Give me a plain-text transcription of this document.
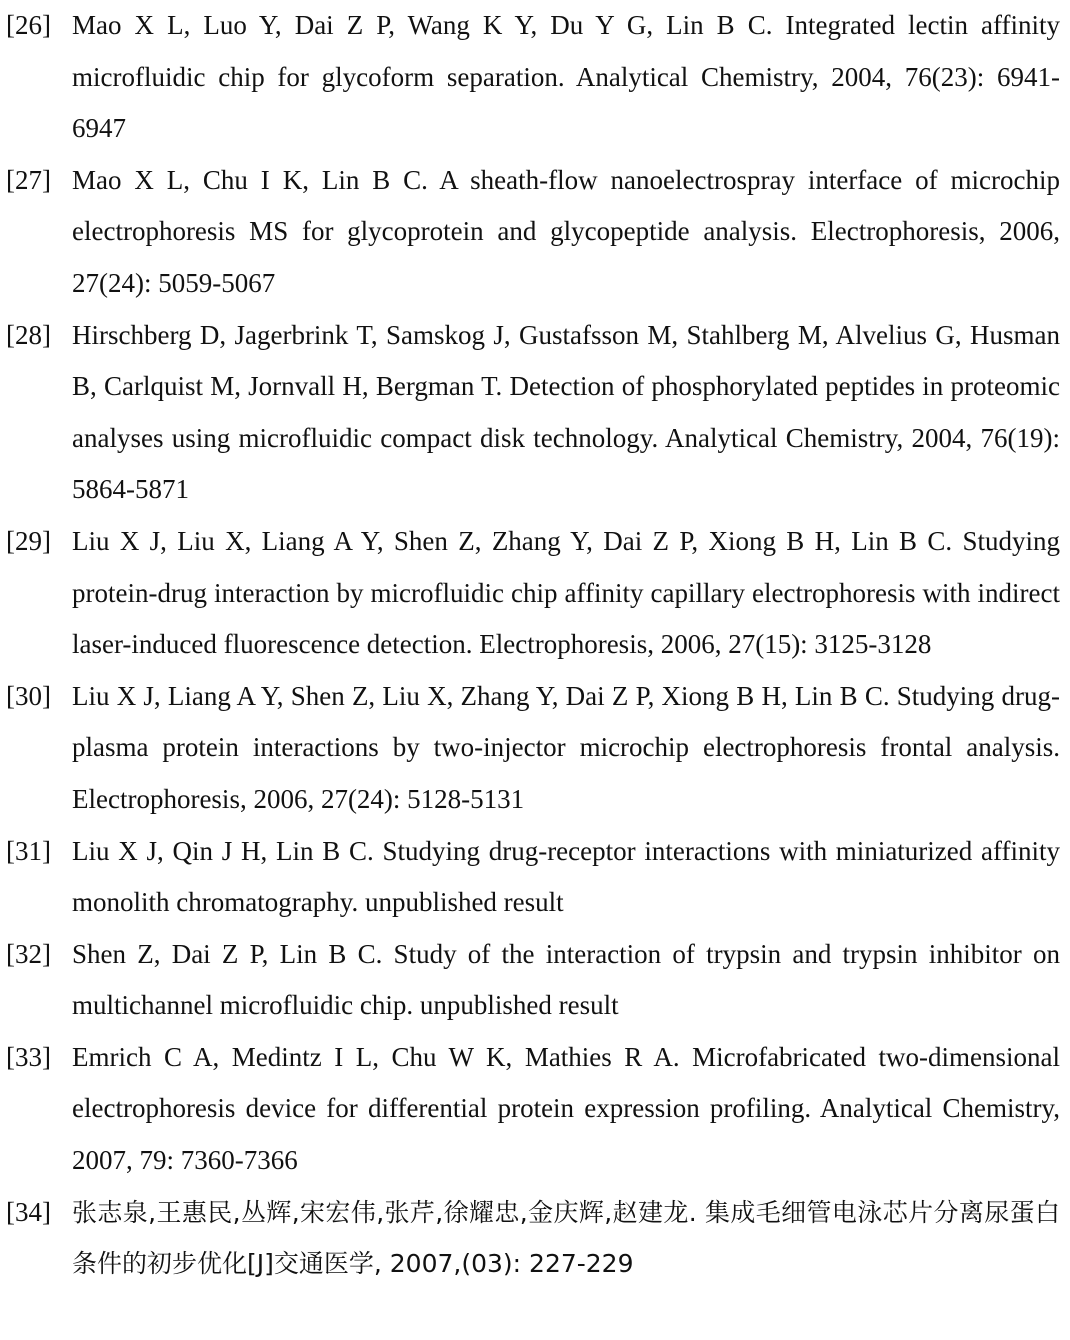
[26] Mao X L, Luo Y, Dai Z P, Wang K Y, Du Y G, Lin B C. Integrated lectin affinity microfluidic chip for glycoform separation. Analytical Chemistry, 2004, 76(23): 6941-6947
[27] Mao X L, Chu I K, Lin B C. A sheath-flow nanoelectrospray interface of microchip electrophoresis MS for glycoprotein and glycopeptide analysis. Electrophoresis, 2006, 27(24): 5059-5067
[28] Hirschberg D, Jagerbrink T, Samskog J, Gustafsson M, Stahlberg M, Alvelius G, Husman B, Carlquist M, Jornvall H, Bergman T. Detection of phosphorylated peptides in proteomic analyses using microfluidic compact disk technology. Analytical Chemistry, 2004, 76(19): 5864-5871
[29] Liu X J, Liu X, Liang A Y, Shen Z, Zhang Y, Dai Z P, Xiong B H, Lin B C. Studying protein-drug interaction by microfluidic chip affinity capillary electrophoresis with indirect laser-induced fluorescence detection. Electrophoresis, 2006, 27(15): 3125-3128
[30] Liu X J, Liang A Y, Shen Z, Liu X, Zhang Y, Dai Z P, Xiong B H, Lin B C. Studying drug-plasma protein interactions by two-injector microchip electrophoresis frontal analysis. Electrophoresis, 2006, 27(24): 5128-5131
[31] Liu X J, Qin J H, Lin B C. Studying drug-receptor interactions with miniaturized affinity monolith chromatography. unpublished result
[32] Shen Z, Dai Z P, Lin B C. Study of the interaction of trypsin and trypsin inhibitor on multichannel microfluidic chip. unpublished result
[33] Emrich C A, Medintz I L, Chu W K, Mathies R A. Microfabricated two-dimensional electrophoresis device for differential protein expression profiling. Analytical Chemistry, 2007, 79: 7360-7366
[34] 张志泉,王惠民,丛辉,宋宏伟,张芹,徐耀忠,金庆辉,赵建龙. 集成毛细管电泳芯片分离尿蛋白条件的初步优化[J]交通医学, 2007,(03): 227-229
